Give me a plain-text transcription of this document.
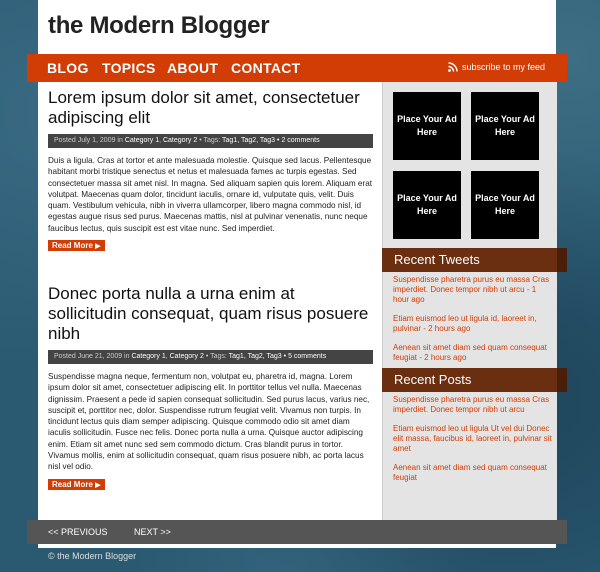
the Modern Blogger
BLOG TOPICS ABOUT CONTACT	subscribe to my feed
Lorem ipsum dolor sit amet, consectetuer adipiscing elit
Posted July 1, 2009 in Category 1, Category 2 • Tags: Tag1, Tag2, Tag3 • 2 comments
Duis a ligula. Cras at tortor et ante malesuada molestie. Quisque sed lacus. Pellentesque habitant morbi tristique senectus et netus et malesuada fames ac turpis egestas. Sed consectetuer massa sit amet nisl. In magna. Sed aliquam sapien quis lorem. Aliquam erat volutpat. Maecenas quam dolor, tincidunt iaculis, ornare id, vulputate quis, velit. Duis quam. Vestibulum vehicula, nibh in viverra ullamcorper, libero magna commodo nisl, id egestas augue risus sed purus. Maecenas mattis, nisl at pulvinar venenatis, nunc neque faucibus lectus, quis suscipit est est vitae nunc. Sed imperdiet.
Read More ▶
Donec porta nulla a urna enim at sollicitudin consequat, quam risus posuere nibh
Posted June 21, 2009 in Category 1, Category 2 • Tags: Tag1, Tag2, Tag3 • 5 comments
Suspendisse magna neque, fermentum non, volutpat eu, pharetra id, magna. Lorem ipsum dolor sit amet, consectetuer adipiscing elit. In porttitor tellus vel nulla. Maecenas dignissim. Praesent a pede id sapien consequat sollicitudin. Sed purus lacus, varius nec, suscipit et, porttitor nec, dolor. Suspendisse rutrum feugiat velit. Vivamus non turpis. In tincidunt lectus quis diam semper adipiscing. Quisque commodo odio sit amet diam iaculis sollicitudin. Fusce nec felis. Donec porta nulla a urna. Quisque auctor adipiscing enim. Etiam sit amet nunc sed sem commodo dictum. Cras blandit purus in tortor. Vivamus mollis, enim at sollicitudin consequat, quam risus posuere nibh, ac porta lacus nisl vel odio.
Read More ▶
Place Your Ad Here
Place Your Ad Here
Place Your Ad Here
Place Your Ad Here
Recent Tweets
Suspendisse pharetra purus eu massa Cras imperdiet. Donec tempor nibh ut arcu - 1 hour ago
Etiam euismod leo ut ligula id, laoreet in, pulvinar - 2 hours ago
Aenean sit amet diam sed quam consequat feugiat - 2 hours ago
Recent Posts
Suspendisse pharetra purus eu massa Cras imperdiet. Donec tempor nibh ut arcu
Etiam euismod leo ut ligula Ut vel dui Donec elit massa, faucibus id, laoreet in, pulvinar sit amet
Aenean sit amet diam sed quam consequat feugiat
<< PREVIOUS	NEXT >>
© the Modern Blogger
